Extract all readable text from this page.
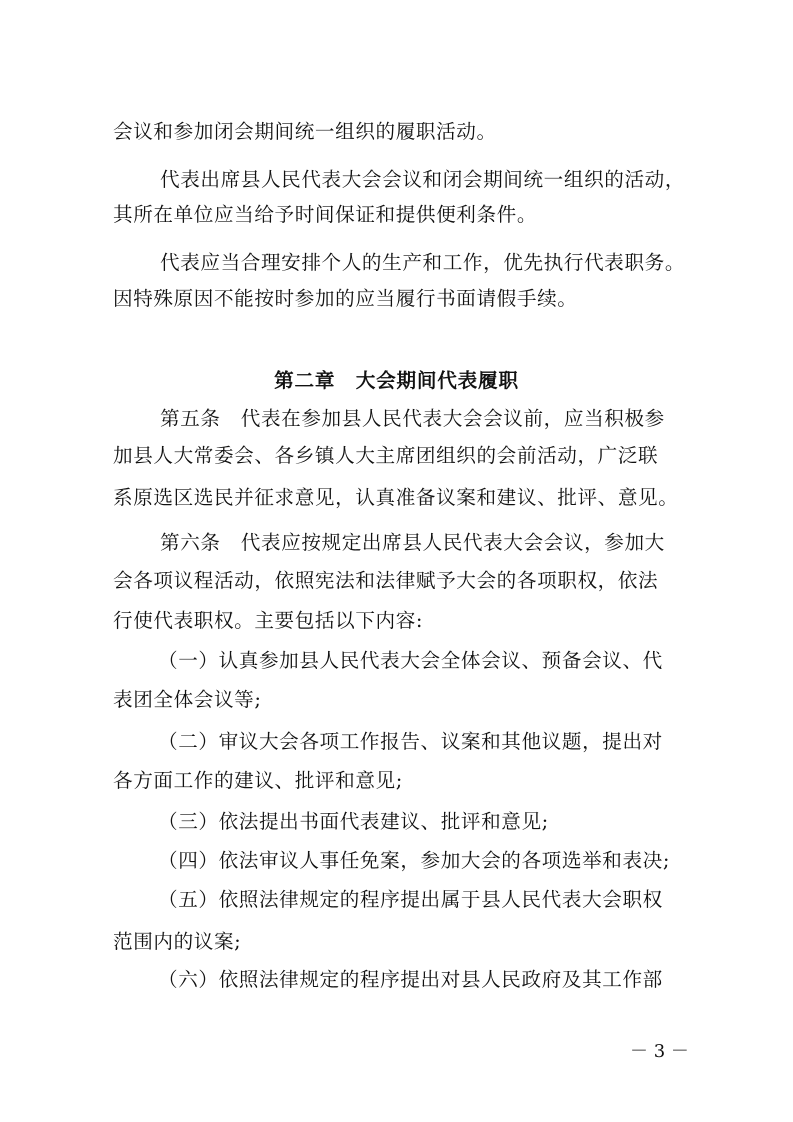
会议和参加闭会期间统一组织的履职活动。
代表出席县人民代表大会会议和闭会期间统一组织的活动，
其所在单位应当给予时间保证和提供便利条件。
代表应当合理安排个人的生产和工作，优先执行代表职务。
因特殊原因不能按时参加的应当履行书面请假手续。
第二章　大会期间代表履职
第五条　代表在参加县人民代表大会会议前，应当积极参
加县人大常委会、各乡镇人大主席团组织的会前活动，广泛联
系原选区选民并征求意见，认真准备议案和建议、批评、意见。
第六条　代表应按规定出席县人民代表大会会议，参加大
会各项议程活动，依照宪法和法律赋予大会的各项职权，依法
行使代表职权。主要包括以下内容:
（一）认真参加县人民代表大会全体会议、预备会议、代
表团全体会议等;
（二）审议大会各项工作报告、议案和其他议题，提出对
各方面工作的建议、批评和意见;
（三）依法提出书面代表建议、批评和意见;
（四）依法审议人事任免案，参加大会的各项选举和表决;
（五）依照法律规定的程序提出属于县人民代表大会职权
范围内的议案;
（六）依照法律规定的程序提出对县人民政府及其工作部
－ 3 －
